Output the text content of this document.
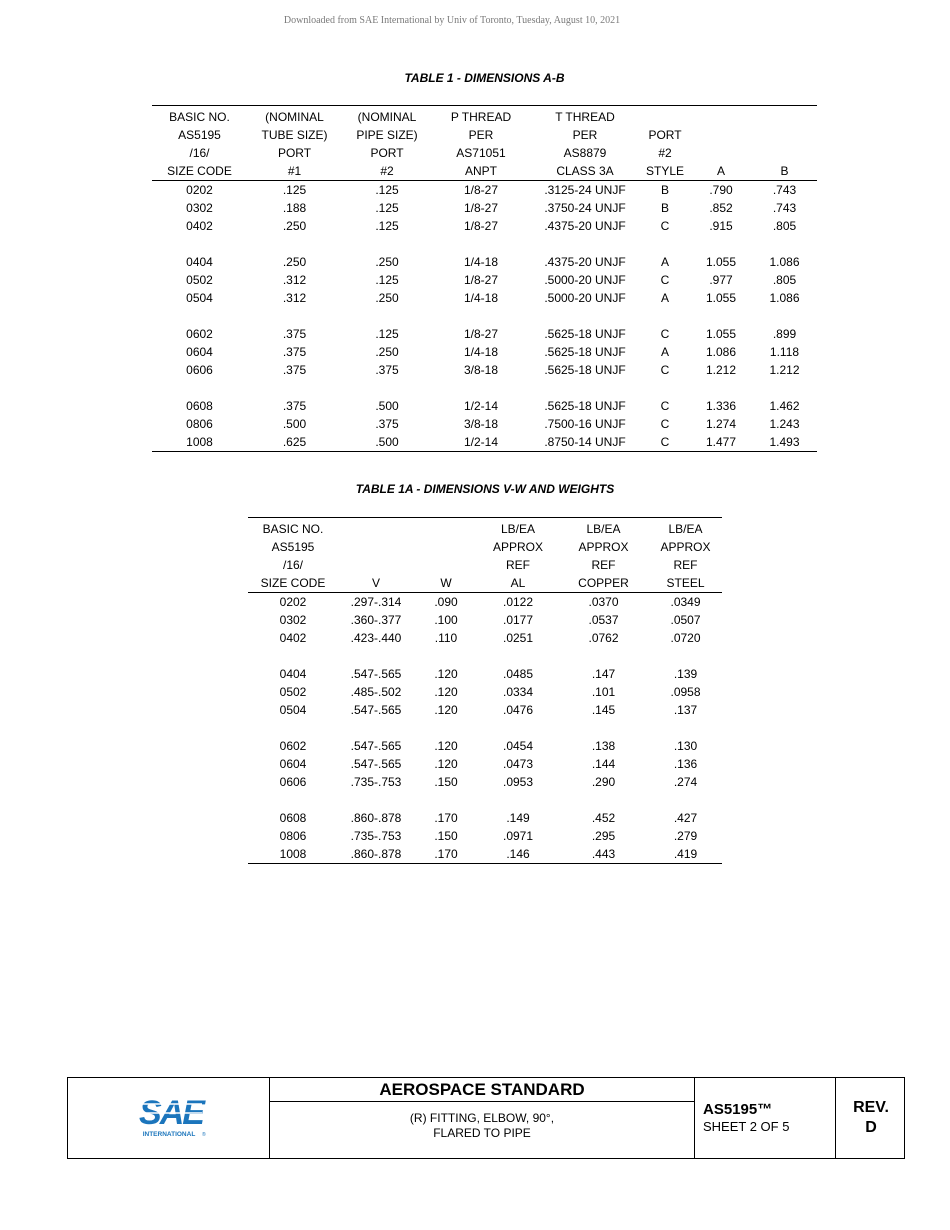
Downloaded from SAE International by Univ of Toronto, Tuesday, August 10, 2021
TABLE 1 - DIMENSIONS A-B
BASIC NO.	(NOMINAL	(NOMINAL	P THREAD	T THREAD			
AS5195	TUBE SIZE)	PIPE SIZE)	PER	PER	PORT		
/16/	PORT	PORT	AS71051	AS8879	#2		
SIZE CODE	#1	#2	ANPT	CLASS 3A	STYLE	A	B
0202	.125	.125	1/8-27	.3125-24 UNJF	B	.790	.743
0302	.188	.125	1/8-27	.3750-24 UNJF	B	.852	.743
0402	.250	.125	1/8-27	.4375-20 UNJF	C	.915	.805

0404	.250	.250	1/4-18	.4375-20 UNJF	A	1.055	1.086
0502	.312	.125	1/8-27	.5000-20 UNJF	C	.977	.805
0504	.312	.250	1/4-18	.5000-20 UNJF	A	1.055	1.086

0602	.375	.125	1/8-27	.5625-18 UNJF	C	1.055	.899
0604	.375	.250	1/4-18	.5625-18 UNJF	A	1.086	1.118
0606	.375	.375	3/8-18	.5625-18 UNJF	C	1.212	1.212

0608	.375	.500	1/2-14	.5625-18 UNJF	C	1.336	1.462
0806	.500	.375	3/8-18	.7500-16 UNJF	C	1.274	1.243
1008	.625	.500	1/2-14	.8750-14 UNJF	C	1.477	1.493
TABLE 1A - DIMENSIONS V-W AND WEIGHTS
BASIC NO.			LB/EA	LB/EA	LB/EA
AS5195			APPROX	APPROX	APPROX
/16/			REF	REF	REF
SIZE CODE	V	W	AL	COPPER	STEEL
0202	.297-.314	.090	.0122	.0370	.0349
0302	.360-.377	.100	.0177	.0537	.0507
0402	.423-.440	.110	.0251	.0762	.0720

0404	.547-.565	.120	.0485	.147	.139
0502	.485-.502	.120	.0334	.101	.0958
0504	.547-.565	.120	.0476	.145	.137

0602	.547-.565	.120	.0454	.138	.130
0604	.547-.565	.120	.0473	.144	.136
0606	.735-.753	.150	.0953	.290	.274

0608	.860-.878	.170	.149	.452	.427
0806	.735-.753	.150	.0971	.295	.279
1008	.860-.878	.170	.146	.443	.419
SAE
INTERNATIONAL ®
AEROSPACE STANDARD
(R) FITTING, ELBOW, 90°,
FLARED TO PIPE
AS5195™
SHEET 2 OF 5
REV.
D
